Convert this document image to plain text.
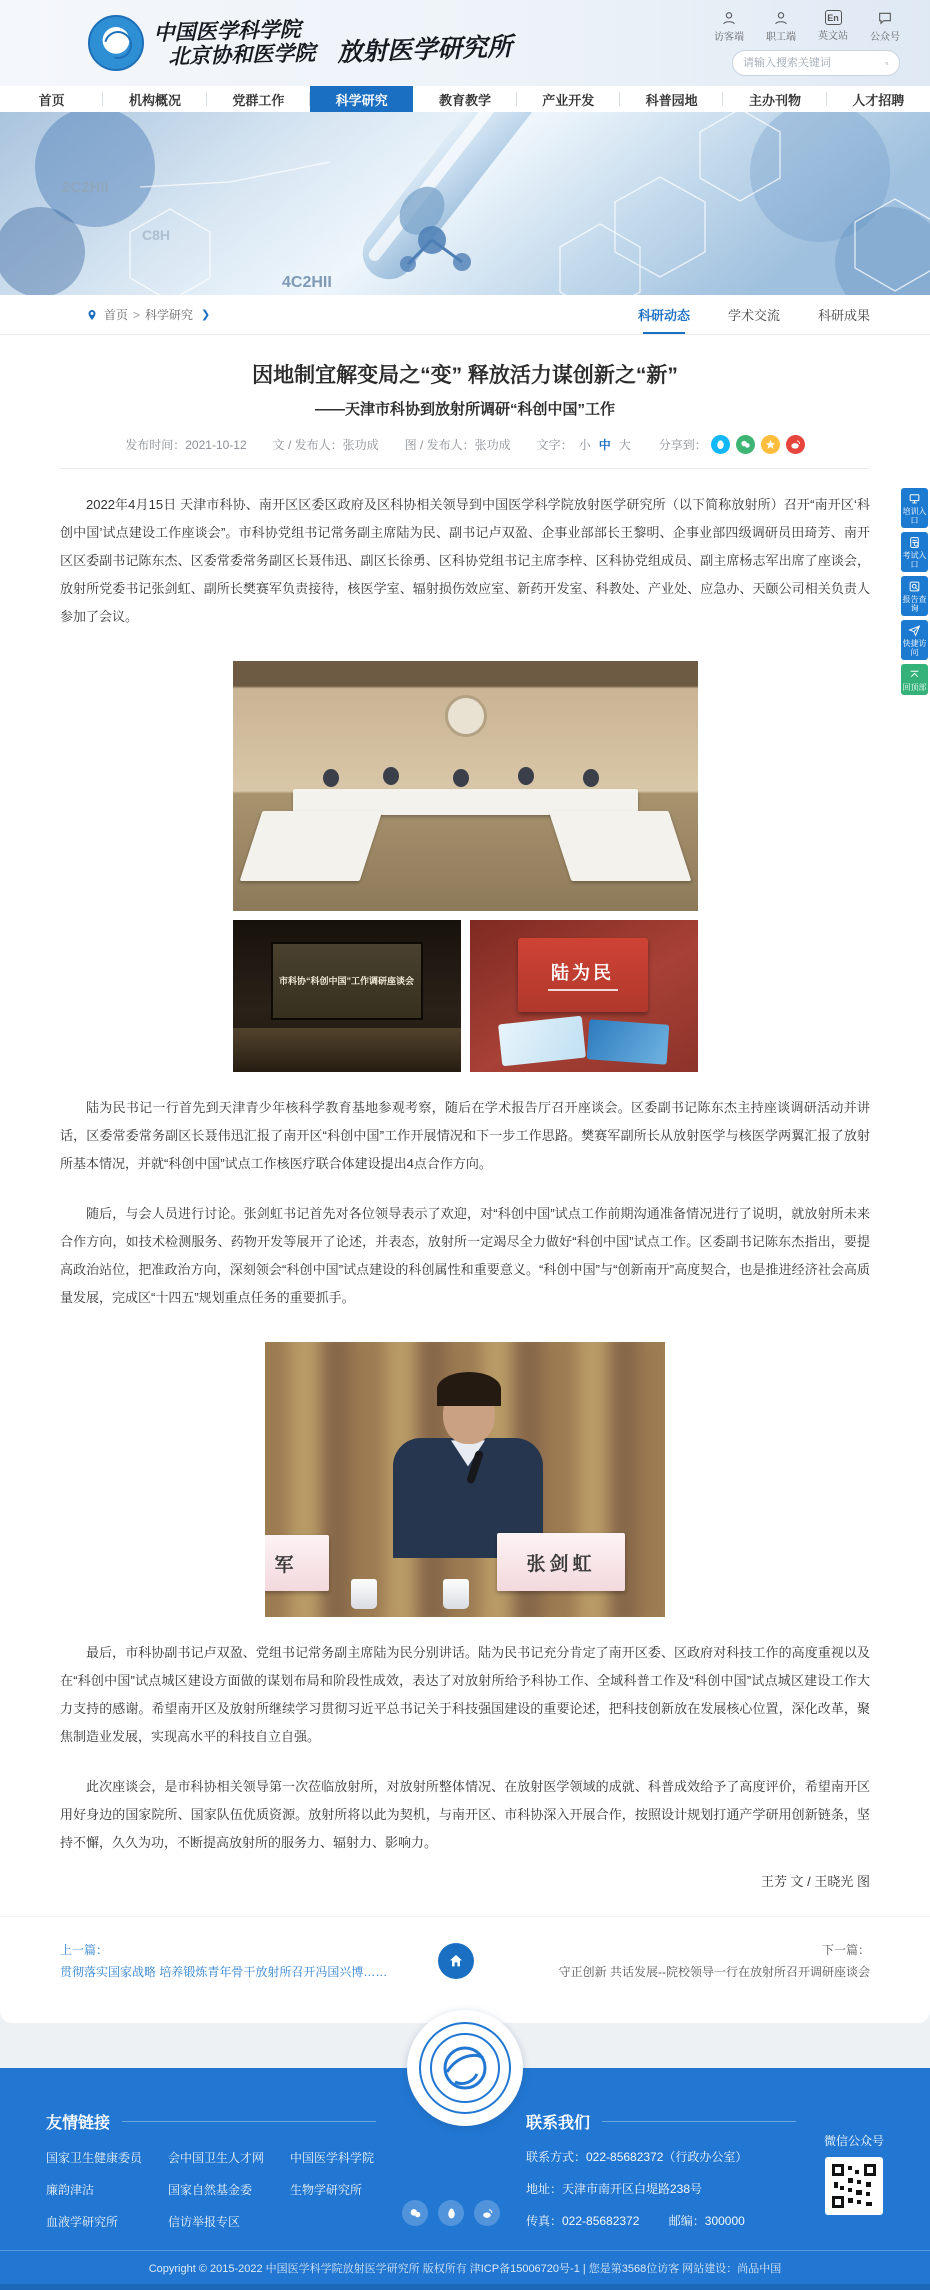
中国医学科学院
北京协和医学院 放射医学研究所	访客端 职工端
En
英文站 公众号
请输入搜索关键词
首页	机构概况	党群工作	科学研究	教育教学	产业开发	科普园地	主办刊物	人才招聘
2C2HII
C8H
4C2HII
首页 > 科学研究 ❯	科研动态	学术交流	科研成果
因地制宜解变局之“变” 释放活力谋创新之“新”
——天津市科协到放射所调研“科创中国”工作
发布时间：2021-10-12 文 / 发布人：张功成 图 / 发布人：张功成 文字： 小 中 大 分享到：

2022年4月15日 天津市科协、南开区区委区政府及区科协相关领导到中国医学科学院放射医学研究所（以下简称放射所）召开“南开区‘科创中国’试点建设工作座谈会”。市科协党组书记常务副主席陆为民、副书记卢双盈、企事业部部长王黎明、企事业部四级调研员田琦芳、南开区区委副书记陈东杰、区委常委常务副区长聂伟迅、副区长徐勇、区科协党组书记主席李梓、区科协党组成员、副主席杨志军出席了座谈会，放射所党委书记张剑虹、副所长樊赛军负责接待，核医学室、辐射损伤效应室、新药开发室、科教处、产业处、应急办、天颐公司相关负责人参加了会议。

市科协“科创中国”工作调研座谈会	陆为民

陆为民书记一行首先到天津青少年核科学教育基地参观考察，随后在学术报告厅召开座谈会。区委副书记陈东杰主持座谈调研活动并讲话，区委常委常务副区长聂伟迅汇报了南开区“科创中国”工作开展情况和下一步工作思路。樊赛军副所长从放射医学与核医学两翼汇报了放射所基本情况，并就“科创中国”试点工作核医疗联合体建设提出4点合作方向。

随后，与会人员进行讨论。张剑虹书记首先对各位领导表示了欢迎，对“科创中国”试点工作前期沟通准备情况进行了说明，就放射所未来合作方向，如技术检测服务、药物开发等展开了论述，并表态，放射所一定竭尽全力做好“科创中国”试点工作。区委副书记陈东杰指出，要提高政治站位，把准政治方向，深刻领会“科创中国”试点建设的科创属性和重要意义。“科创中国”与“创新南开”高度契合，也是推进经济社会高质量发展，完成区“十四五”规划重点任务的重要抓手。

军	张剑虹

最后，市科协副书记卢双盈、党组书记常务副主席陆为民分别讲话。陆为民书记充分肯定了南开区委、区政府对科技工作的高度重视以及在“科创中国”试点城区建设方面做的谋划布局和阶段性成效，表达了对放射所给予科协工作、全域科普工作及“科创中国”试点城区建设工作大力支持的感谢。希望南开区及放射所继续学习贯彻习近平总书记关于科技强国建设的重要论述，把科技创新放在发展核心位置，深化改革，聚焦制造业发展，实现高水平的科技自立自强。

此次座谈会，是市科协相关领导第一次莅临放射所，对放射所整体情况、在放射医学领域的成就、科普成效给予了高度评价，希望南开区用好身边的国家院所、国家队伍优质资源。放射所将以此为契机，与南开区、市科协深入开展合作，按照设计规划打通产学研用创新链条，坚持不懈，久久为功，不断提高放射所的服务力、辐射力、影响力。

王芳 文 / 王晓光 图
上一篇：
贯彻落实国家战略 培养锻炼青年骨干放射所召开冯国兴博……
下一篇：
守正创新 共话发展--院校领导一行在放射所召开调研座谈会
友情链接
国家卫生健康委员
廉韵津沽
血液学研究所
会中国卫生人才网
国家自然基金委
信访举报专区
中国医学科学院
生物学研究所
联系我们
联系方式：022-85682372（行政办公室）
地址：天津市南开区白堤路238号
传真：022-85682372 邮编：300000
微信公众号
Copyright © 2015-2022 中国医学科学院放射医学研究所 版权所有 津ICP备15006720号-1 | 您是第3568位访客 网站建设：尚品中国
培训入口
考试入口
报告查询
快捷访问
回顶部
